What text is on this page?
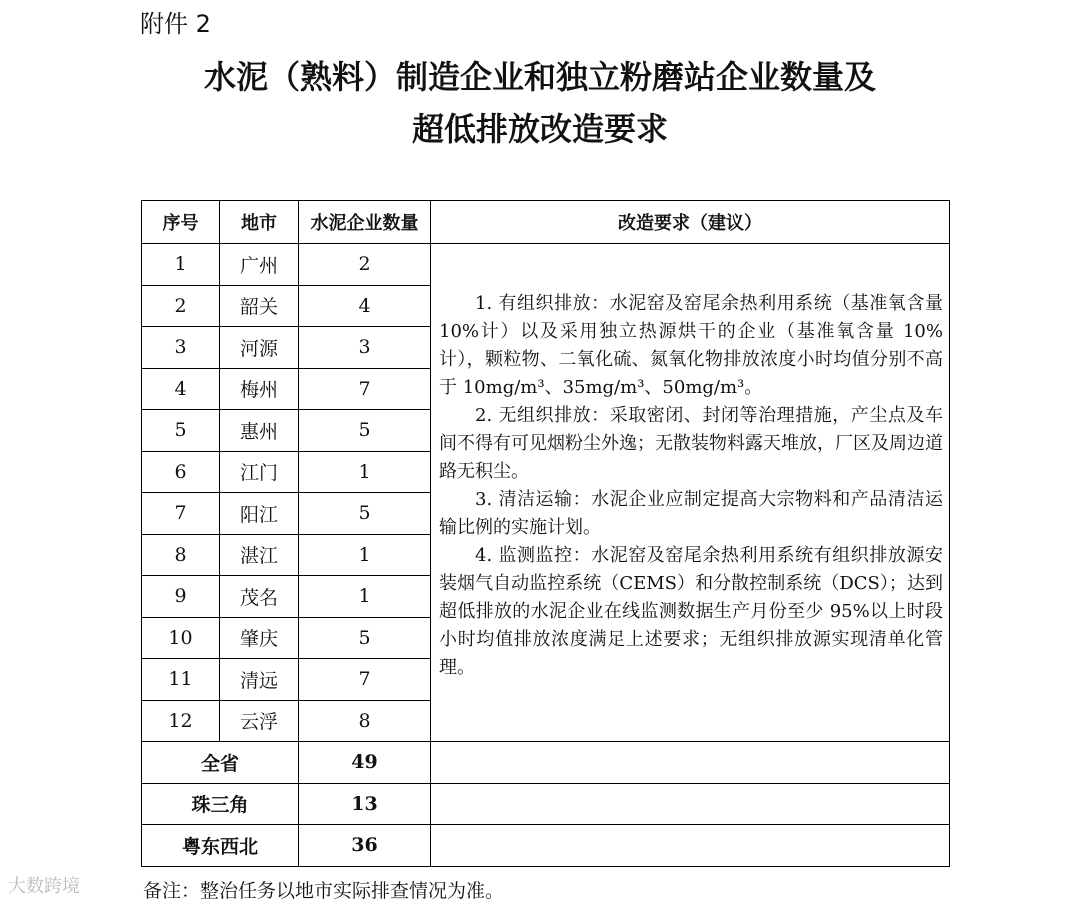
附件 2
水泥（熟料）制造企业和独立粉磨站企业数量及
超低排放改造要求
序号	地市	水泥企业数量	改造要求（建议）
1	广州	2	1. 有组织排放：水泥窑及窑尾余热利用系统（基准氧含量 10%计）以及采用独立热源烘干的企业（基准氧含量 10%计），颗粒物、二氧化硫、氮氧化物排放浓度小时均值分别不高于 10mg/m³、35mg/m³、50mg/m³。

2. 无组织排放：采取密闭、封闭等治理措施，产尘点及车间不得有可见烟粉尘外逸；无散装物料露天堆放，厂区及周边道路无积尘。

3. 清洁运输：水泥企业应制定提高大宗物料和产品清洁运输比例的实施计划。

4. 监测监控：水泥窑及窑尾余热利用系统有组织排放源安装烟气自动监控系统（CEMS）和分散控制系统（DCS）；达到超低排放的水泥企业在线监测数据生产月份至少 95%以上时段小时均值排放浓度满足上述要求；无组织排放源实现清单化管理。

2	韶关	4	
3	河源	3	
4	梅州	7	
5	惠州	5	
6	江门	1	
7	阳江	5	
8	湛江	1	
9	茂名	1	
10	肇庆	5	
11	清远	7	
12	云浮	8	
全省		49	
珠三角		13	
粤东西北		36	
大数跨境	备注：整治任务以地市实际排查情况为准。
